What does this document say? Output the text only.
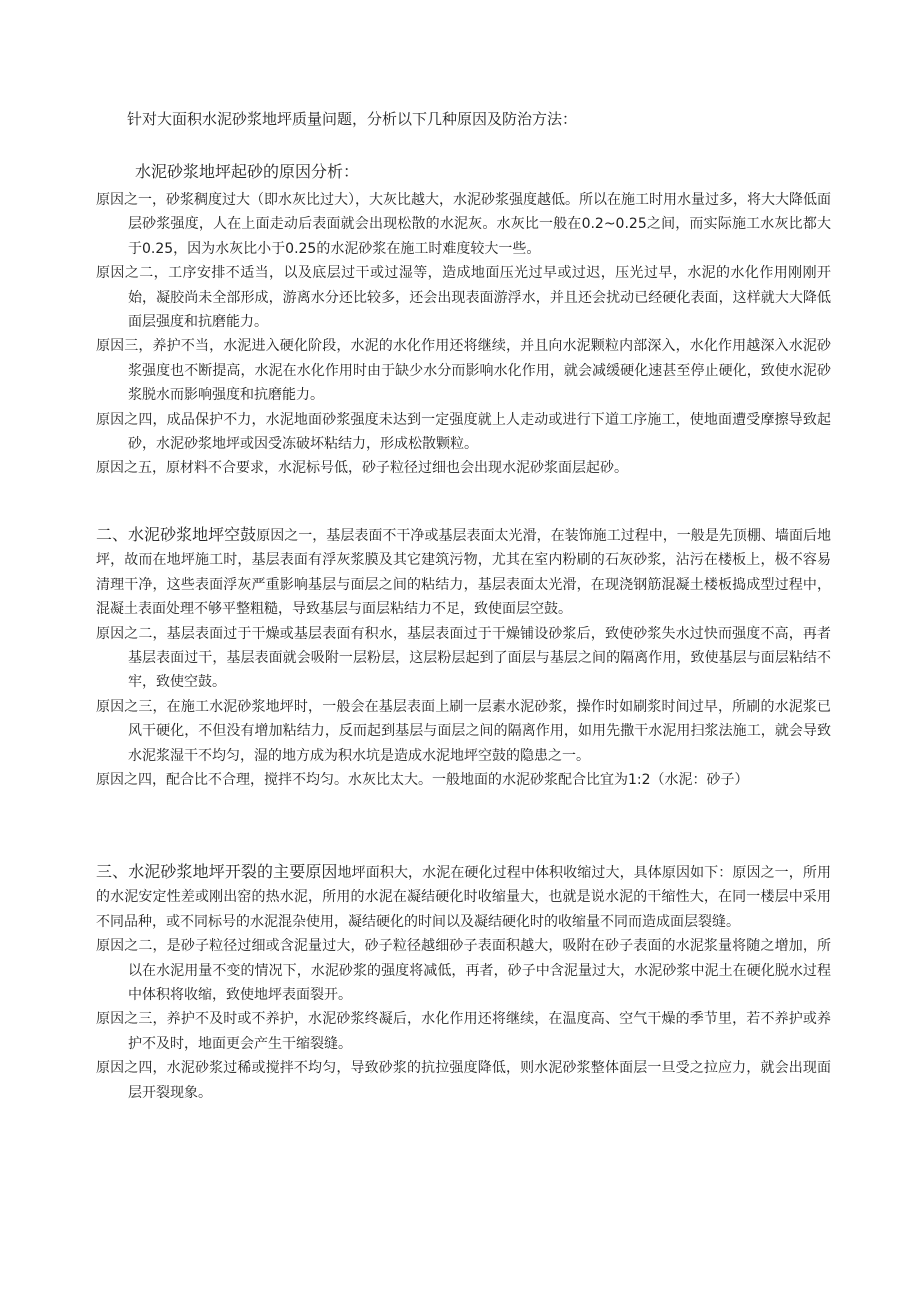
针对大面积水泥砂浆地坪质量问题，分析以下几种原因及防治方法：
水泥砂浆地坪起砂的原因分析：

原因之一，砂浆稠度过大（即水灰比过大），大灰比越大，水泥砂浆强度越低。所以在施工时用水量过多，将大大降低面层砂浆强度，人在上面走动后表面就会出现松散的水泥灰。水灰比一般在0.2~0.25之间，而实际施工水灰比都大于0.25，因为水灰比小于0.25的水泥砂浆在施工时难度较大一些。

原因之二，工序安排不适当，以及底层过干或过湿等，造成地面压光过早或过迟，压光过早，水泥的水化作用刚刚开始，凝胶尚未全部形成，游离水分还比较多，还会出现表面游浮水，并且还会扰动已经硬化表面，这样就大大降低面层强度和抗磨能力。

原因三，养护不当，水泥进入硬化阶段，水泥的水化作用还将继续，并且向水泥颗粒内部深入，水化作用越深入水泥砂浆强度也不断提高，水泥在水化作用时由于缺少水分而影响水化作用，就会减缓硬化速甚至停止硬化，致使水泥砂浆脱水而影响强度和抗磨能力。

原因之四，成品保护不力，水泥地面砂浆强度未达到一定强度就上人走动或进行下道工序施工，使地面遭受摩擦导致起砂，水泥砂浆地坪或因受冻破坏粘结力，形成松散颗粒。

原因之五，原材料不合要求，水泥标号低，砂子粒径过细也会出现水泥砂浆面层起砂。

二、水泥砂浆地坪空鼓原因之一，基层表面不干净或基层表面太光滑，在装饰施工过程中，一般是先顶棚、墙面后地坪，故而在地坪施工时，基层表面有浮灰浆膜及其它建筑污物，尤其在室内粉刷的石灰砂浆，沾污在楼板上，极不容易清理干净，这些表面浮灰严重影响基层与面层之间的粘结力，基层表面太光滑，在现浇钢筋混凝土楼板捣成型过程中，混凝土表面处理不够平整粗糙，导致基层与面层粘结力不足，致使面层空鼓。

原因之二，基层表面过于干燥或基层表面有积水，基层表面过于干燥铺设砂浆后，致使砂浆失水过快而强度不高，再者基层表面过干，基层表面就会吸附一层粉层，这层粉层起到了面层与基层之间的隔离作用，致使基层与面层粘结不牢，致使空鼓。

原因之三，在施工水泥砂浆地坪时，一般会在基层表面上刷一层素水泥砂浆，操作时如刷浆时间过早，所刷的水泥浆已风干硬化，不但没有增加粘结力，反而起到基层与面层之间的隔离作用，如用先撒干水泥用扫浆法施工，就会导致水泥浆湿干不均匀，湿的地方成为积水坑是造成水泥地坪空鼓的隐患之一。

原因之四，配合比不合理，搅拌不均匀。水灰比太大。一般地面的水泥砂浆配合比宜为1:2（水泥：砂子）

三、水泥砂浆地坪开裂的主要原因地坪面积大，水泥在硬化过程中体积收缩过大，具体原因如下：原因之一，所用的水泥安定性差或刚出窑的热水泥，所用的水泥在凝结硬化时收缩量大，也就是说水泥的干缩性大，在同一楼层中采用不同品种，或不同标号的水泥混杂使用，凝结硬化的时间以及凝结硬化时的收缩量不同而造成面层裂缝。

原因之二，是砂子粒径过细或含泥量过大，砂子粒径越细砂子表面积越大，吸附在砂子表面的水泥浆量将随之增加，所以在水泥用量不变的情况下，水泥砂浆的强度将减低，再者，砂子中含泥量过大，水泥砂浆中泥土在硬化脱水过程中体积将收缩，致使地坪表面裂开。

原因之三，养护不及时或不养护，水泥砂浆终凝后，水化作用还将继续，在温度高、空气干燥的季节里，若不养护或养护不及时，地面更会产生干缩裂缝。

原因之四，水泥砂浆过稀或搅拌不均匀，导致砂浆的抗拉强度降低，则水泥砂浆整体面层一旦受之拉应力，就会出现面层开裂现象。
